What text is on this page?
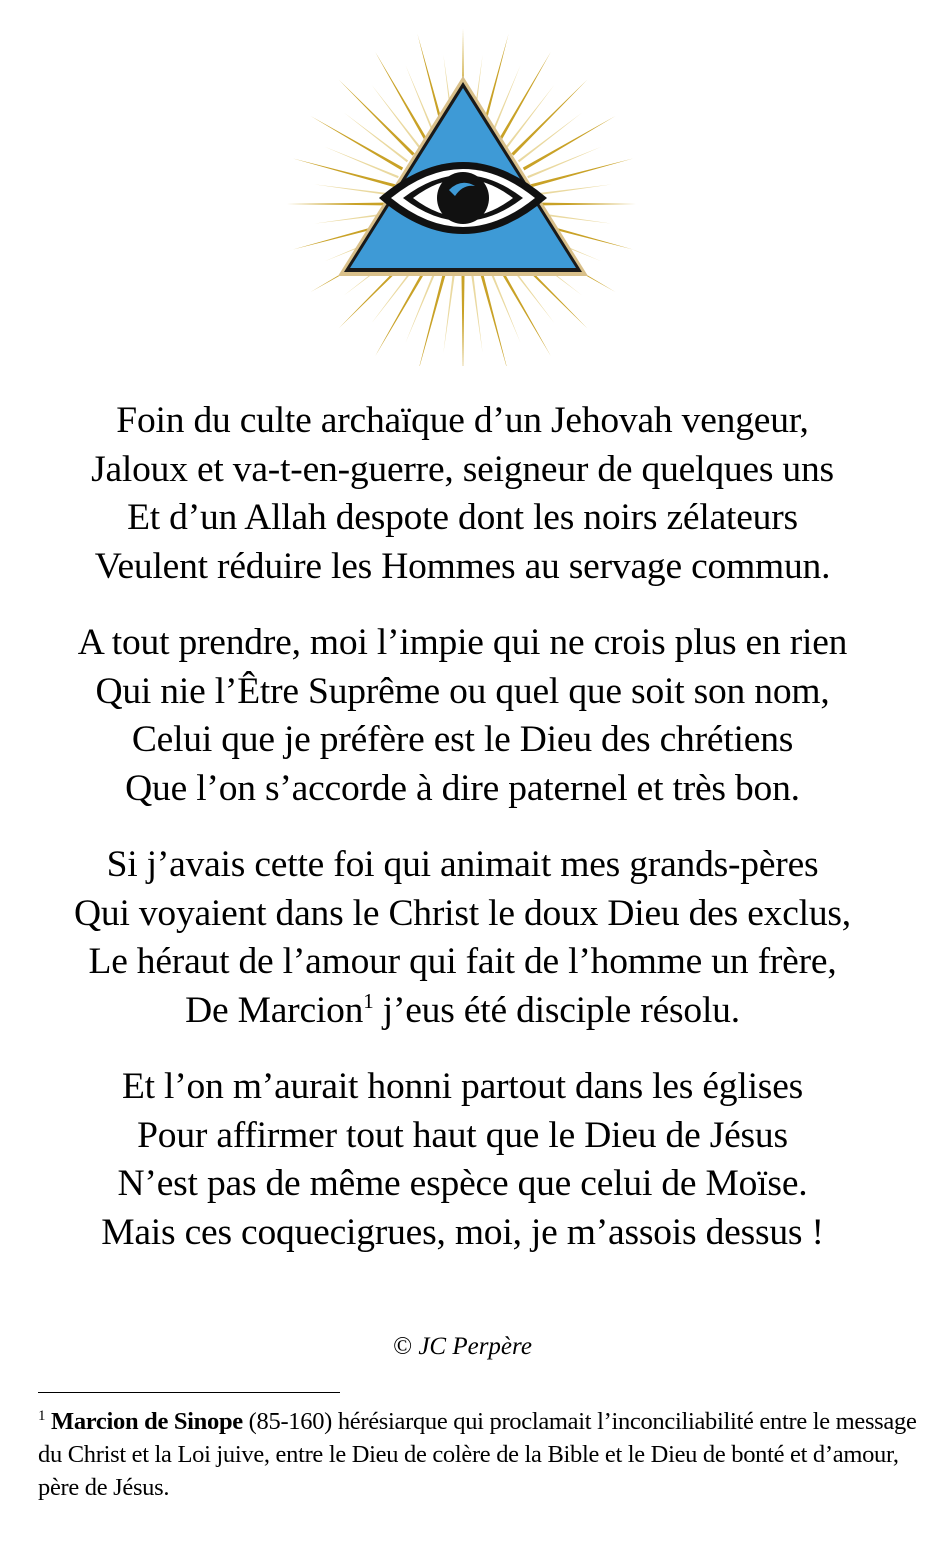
Foin du culte archaïque d’un Jehovah vengeur,
Jaloux et va-t-en-guerre, seigneur de quelques uns
Et d’un Allah despote dont les noirs zélateurs
Veulent réduire les Hommes au servage commun.
A tout prendre, moi l’impie qui ne crois plus en rien
Qui nie l’Être Suprême ou quel que soit son nom,
Celui que je préfère est le Dieu des chrétiens
Que l’on s’accorde à dire paternel et très bon.
Si j’avais cette foi qui animait mes grands-pères
Qui voyaient dans le Christ le doux Dieu des exclus,
Le héraut de l’amour qui fait de l’homme un frère,
De Marcion$^1$ j’eus été disciple résolu.
Et l’on m’aurait honni partout dans les églises
Pour affirmer tout haut que le Dieu de Jésus
N’est pas de même espèce que celui de Moïse.
Mais ces coquecigrues, moi, je m’assois dessus !
© JC Perpère
$^1$ Marcion de Sinope (85-160) hérésiarque qui proclamait l’inconciliabilité entre le message du Christ et la Loi juive, entre le Dieu de colère de la Bible et le Dieu de bonté et d’amour, père de Jésus.
